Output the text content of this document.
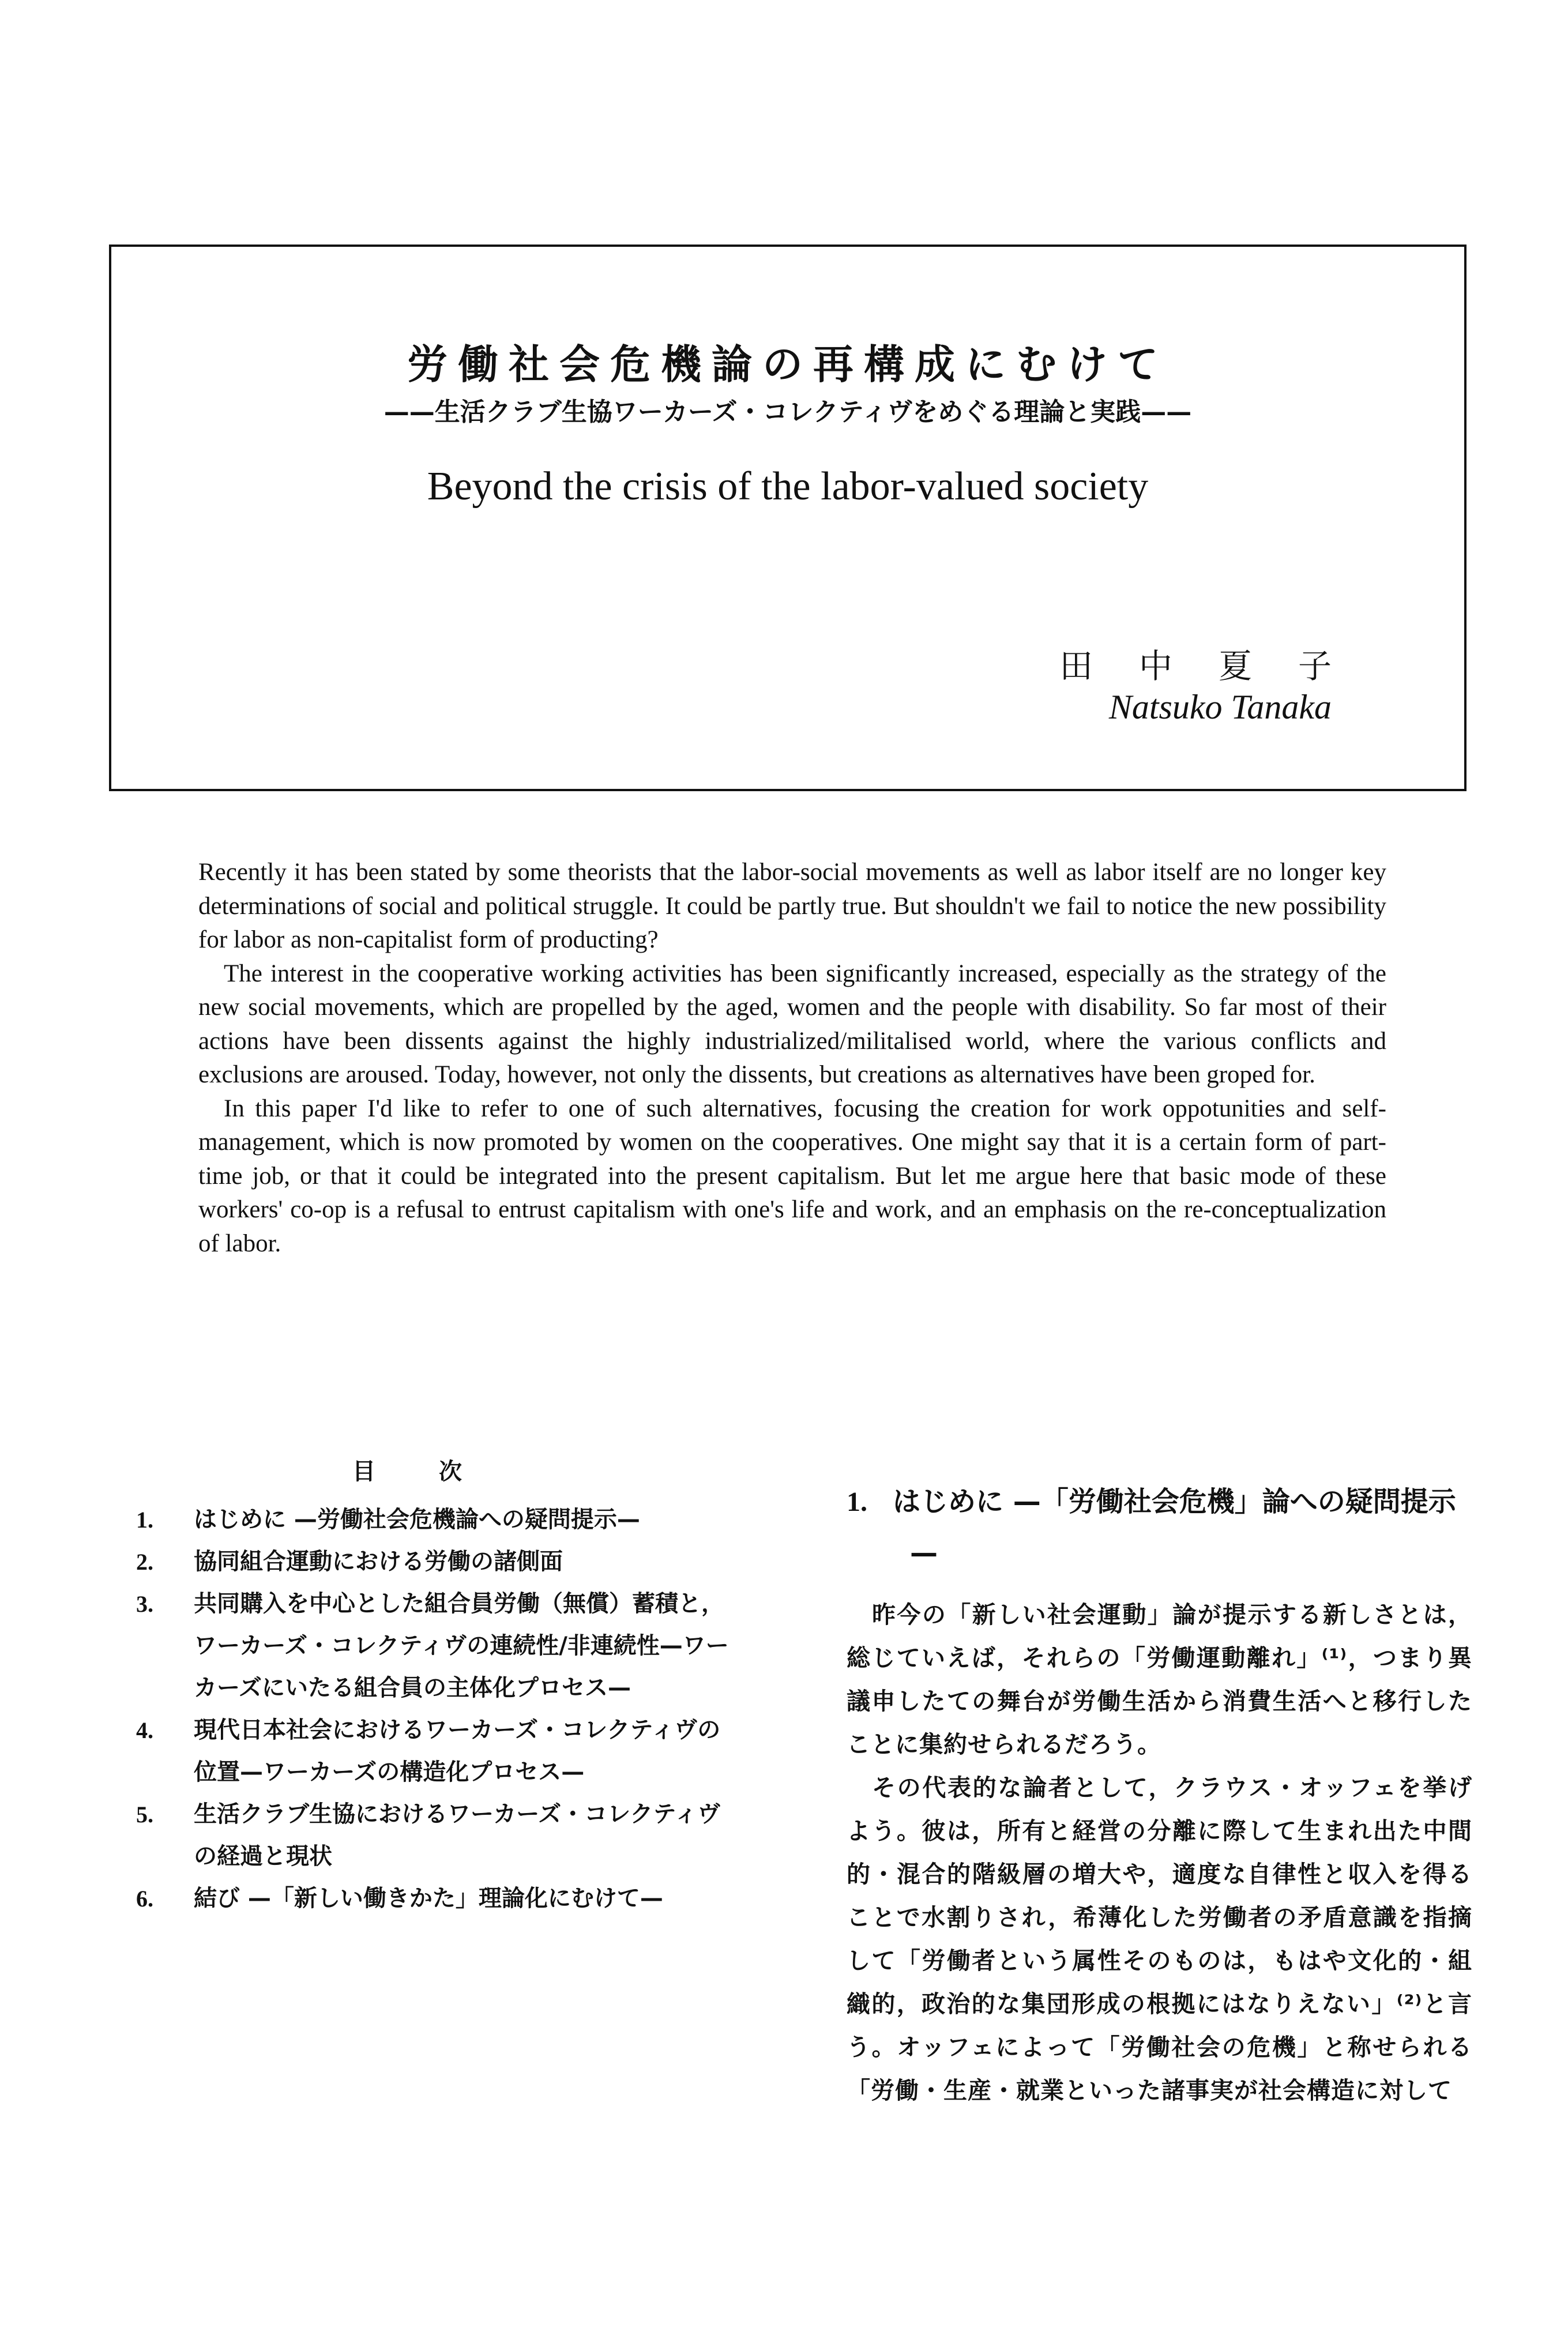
労働社会危機論の再構成にむけて
——生活クラブ生協ワーカーズ・コレクティヴをめぐる理論と実践——
Beyond the crisis of the labor-valued society
田中夏子
Natsuko Tanaka

Recently it has been stated by some theorists that the labor-social movements as well as labor itself are no longer key determinations of social and political struggle. It could be partly true. But shouldn't we fail to notice the new possibility for labor as non-capitalist form of producting?

The interest in the cooperative working activities has been significantly increased, especially as the strategy of the new social movements, which are propelled by the aged, women and the people with disability. So far most of their actions have been dissents against the highly industrialized/militalised world, where the various conflicts and exclusions are aroused. Today, however, not only the dissents, but creations as alternatives have been groped for.

In this paper I'd like to refer to one of such alternatives, focusing the creation for work oppotunities and self-management, which is now promoted by women on the cooperatives. One might say that it is a certain form of part-time job, or that it could be integrated into the present capitalism. But let me argue here that basic mode of these workers' co-op is a refusal to entrust capitalism with one's life and work, and an emphasis on the re-conceptualization of labor.

目次
1.	はじめに —労働社会危機論への疑問提示—
2.	協同組合運動における労働の諸側面
3.	共同購入を中心とした組合員労働（無償）蓄積と，ワーカーズ・コレクティヴの連続性/非連続性—ワーカーズにいたる組合員の主体化プロセス—
4.	現代日本社会におけるワーカーズ・コレクティヴの位置—ワーカーズの構造化プロセス—
5.	生活クラブ生協におけるワーカーズ・コレクティヴの経過と現状
6.	結び —「新しい働きかた」理論化にむけて—
1. はじめに —「労働社会危機」論への疑問提示—

昨今の「新しい社会運動」論が提示する新しさとは，総じていえば，それらの「労働運動離れ」⁽¹⁾，つまり異議申したての舞台が労働生活から消費生活へと移行したことに集約せられるだろう。

その代表的な論者として，クラウス・オッフェを挙げよう。彼は，所有と経営の分離に際して生まれ出た中間的・混合的階級層の増大や，適度な自律性と収入を得ることで水割りされ，希薄化した労働者の矛盾意識を指摘して「労働者という属性そのものは，もはや文化的・組織的，政治的な集団形成の根拠にはなりえない」⁽²⁾と言う。オッフェによって「労働社会の危機」と称せられる「労働・生産・就業といった諸事実が社会構造に対して
